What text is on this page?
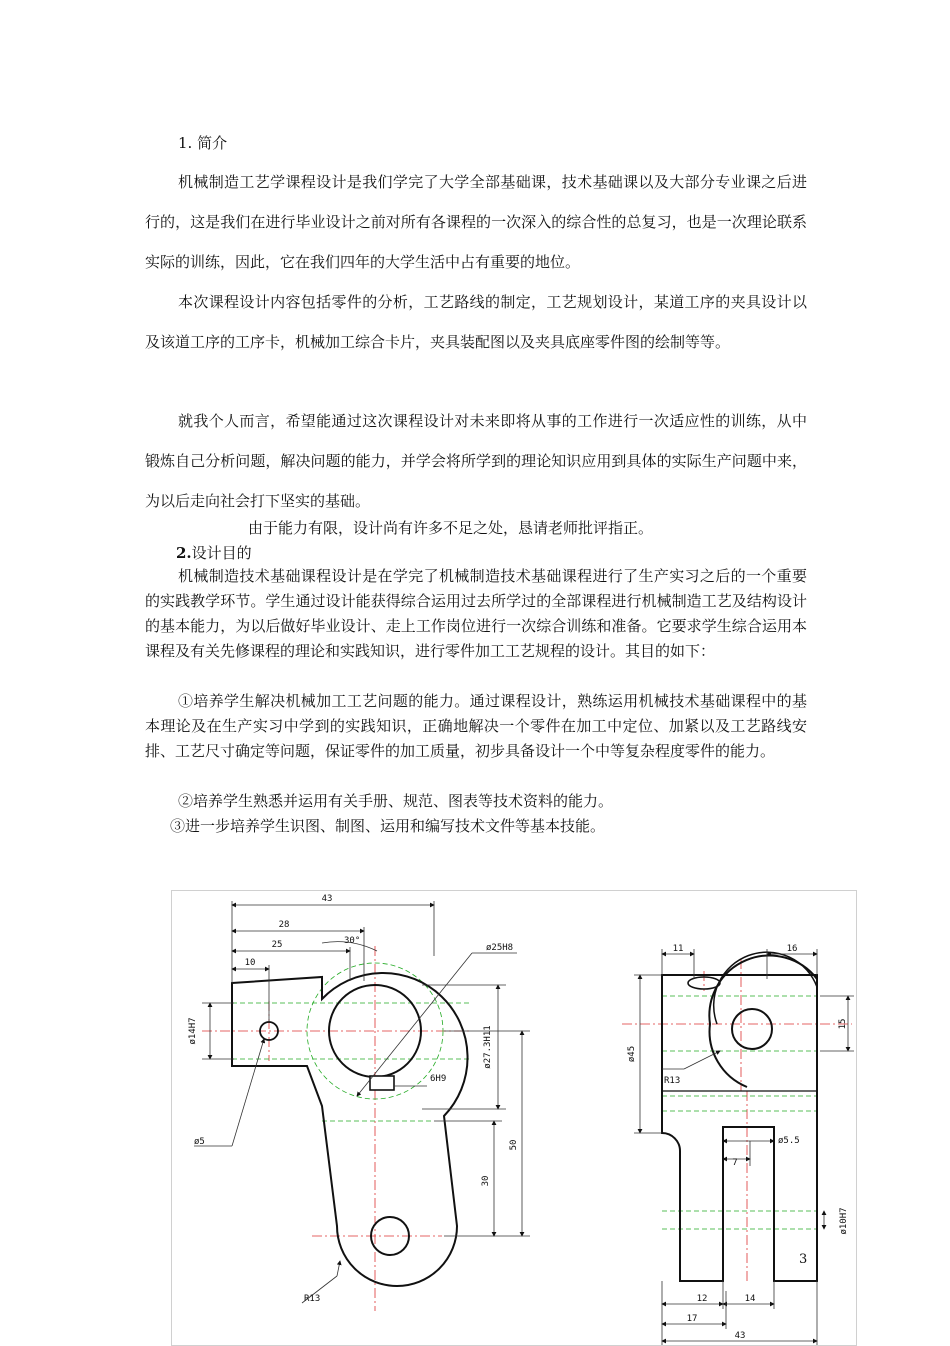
1. 简介

机械制造工艺学课程设计是我们学完了大学全部基础课，技术基础课以及大部分专业课之后进行的，这是我们在进行毕业设计之前对所有各课程的一次深入的综合性的总复习，也是一次理论联系实际的训练，因此，它在我们四年的大学生活中占有重要的地位。

本次课程设计内容包括零件的分析，工艺路线的制定，工艺规划设计，某道工序的夹具设计以及该道工序的工序卡，机械加工综合卡片，夹具装配图以及夹具底座零件图的绘制等等。

就我个人而言，希望能通过这次课程设计对未来即将从事的工作进行一次适应性的训练，从中锻炼自己分析问题，解决问题的能力，并学会将所学到的理论知识应用到具体的实际生产问题中来，为以后走向社会打下坚实的基础。

由于能力有限，设计尚有许多不足之处，恳请老师批评指正。

2.设计目的

机械制造技术基础课程设计是在学完了机械制造技术基础课程进行了生产实习之后的一个重要的实践教学环节。学生通过设计能获得综合运用过去所学过的全部课程进行机械制造工艺及结构设计的基本能力，为以后做好毕业设计、走上工作岗位进行一次综合训练和准备。它要求学生综合运用本课程及有关先修课程的理论和实践知识，进行零件加工工艺规程的设计。其目的如下：

①培养学生解决机械加工工艺问题的能力。通过课程设计，熟练运用机械技术基础课程中的基本理论及在生产实习中学到的实践知识，正确地解决一个零件在加工中定位、加紧以及工艺路线安排、工艺尺寸确定等问题，保证零件的加工质量，初步具备设计一个中等复杂程度零件的能力。

②培养学生熟悉并运用有关手册、规范、图表等技术资料的能力。

③进一步培养学生识图、制图、运用和编写技术文件等基本技能。

43
28
25
10
30°
ø25H8
ø14H7	ø27.3H11
6H9
ø5	50
30
R13
11	16
ø45
R13
15
ø5.5
7
ø10H7
12	14
17
43
3
